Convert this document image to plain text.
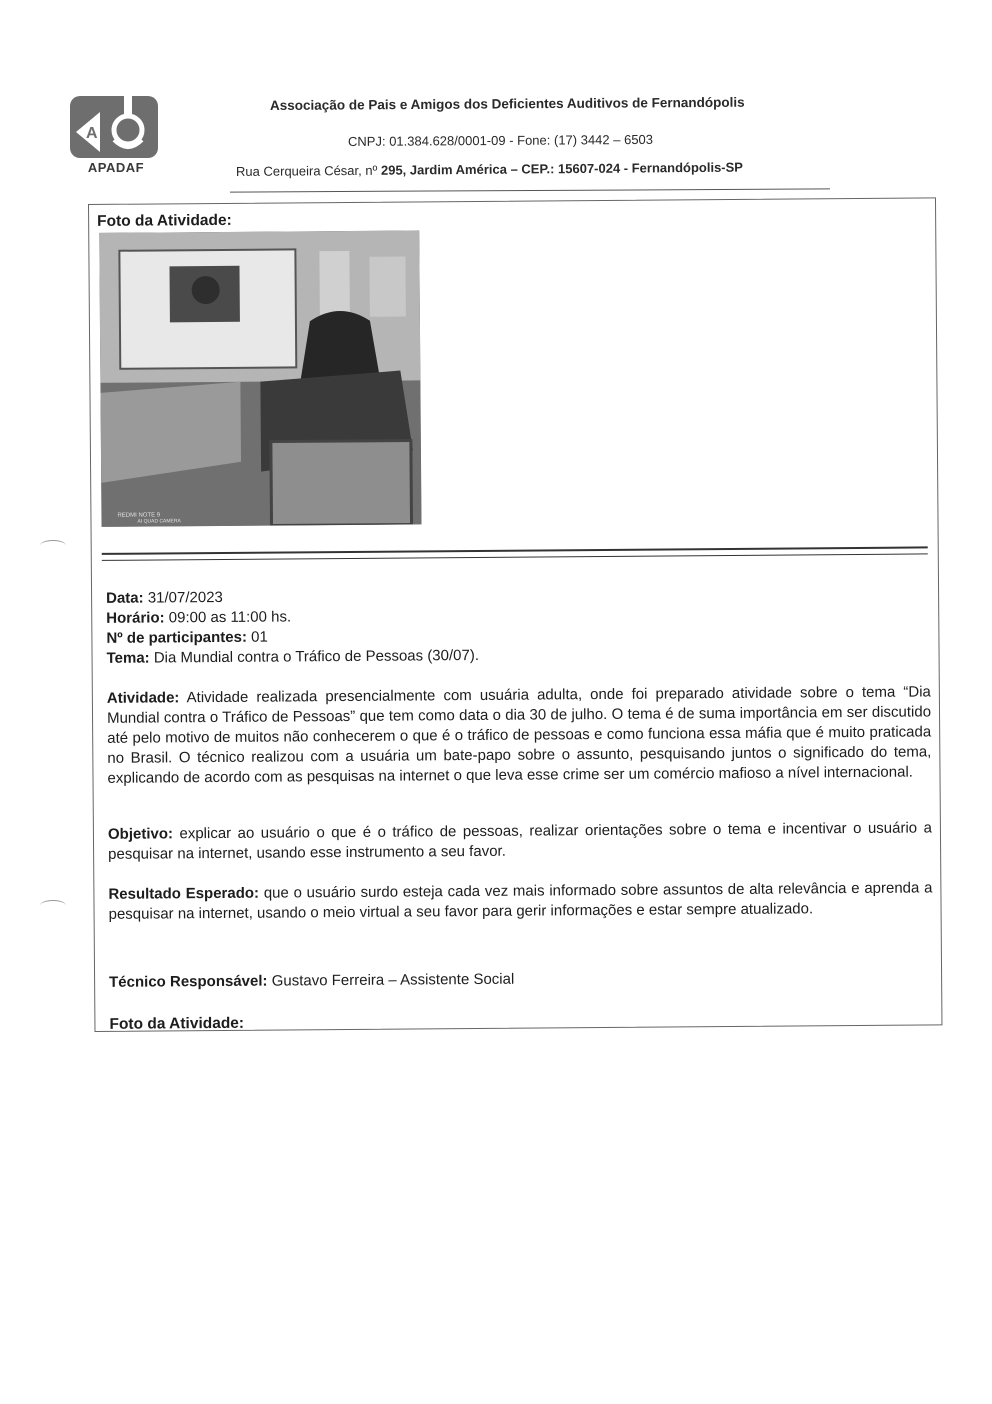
A
APADAF
Associação de Pais e Amigos dos Deficientes Auditivos de Fernandópolis
CNPJ: 01.384.628/0001-09 - Fone: (17) 3442 – 6503
Rua Cerqueira César, nº 295, Jardim América – CEP.: 15607-024 - Fernandópolis-SP
Foto da Atividade:
REDMI NOTE 9
AI QUAD CAMERA
Data: 31/07/2023
Horário: 09:00 as 11:00 hs.
Nº de participantes: 01
Tema: Dia Mundial contra o Tráfico de Pessoas (30/07).
Atividade: Atividade realizada presencialmente com usuária adulta, onde foi preparado atividade sobre o tema “Dia Mundial contra o Tráfico de Pessoas” que tem como data o dia 30 de julho. O tema é de suma importância em ser discutido até pelo motivo de muitos não conhecerem o que é o tráfico de pessoas e como funciona essa máfia que é muito praticada no Brasil. O técnico realizou com a usuária um bate-papo sobre o assunto, pesquisando juntos o significado do tema, explicando de acordo com as pesquisas na internet o que leva esse crime ser um comércio mafioso a nível internacional.
Objetivo: explicar ao usuário o que é o tráfico de pessoas, realizar orientações sobre o tema e incentivar o usuário a pesquisar na internet, usando esse instrumento a seu favor.
Resultado Esperado: que o usuário surdo esteja cada vez mais informado sobre assuntos de alta relevância e aprenda a pesquisar na internet, usando o meio virtual a seu favor para gerir informações e estar sempre atualizado.
Técnico Responsável: Gustavo Ferreira – Assistente Social
Foto da Atividade:
